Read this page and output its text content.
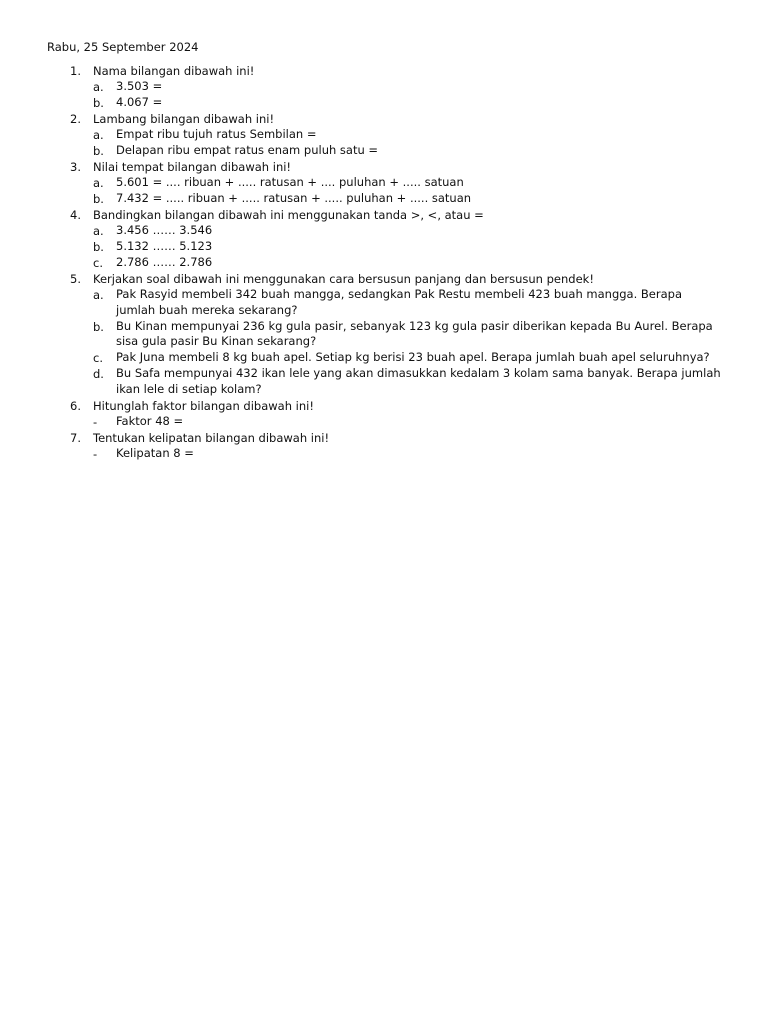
Rabu, 25 September 2024
1. Nama bilangan dibawah ini!
a. 3.503 =
b. 4.067 =
2. Lambang bilangan dibawah ini!
a. Empat ribu tujuh ratus Sembilan =
b. Delapan ribu empat ratus enam puluh satu =
3. Nilai tempat bilangan dibawah ini!
a. 5.601 = .... ribuan + ..... ratusan + .... puluhan + ..... satuan
b. 7.432 = ..... ribuan + ..... ratusan + ..... puluhan + ..... satuan
4. Bandingkan bilangan dibawah ini menggunakan tanda >, <, atau =
a. 3.456 …… 3.546
b. 5.132 …… 5.123
c. 2.786 …… 2.786
5. Kerjakan soal dibawah ini menggunakan cara bersusun panjang dan bersusun pendek!
a. Pak Rasyid membeli 342 buah mangga, sedangkan Pak Restu membeli 423 buah mangga. Berapa jumlah buah mereka sekarang?
b. Bu Kinan mempunyai 236 kg gula pasir, sebanyak 123 kg gula pasir diberikan kepada Bu Aurel. Berapa sisa gula pasir Bu Kinan sekarang?
c. Pak Juna membeli 8 kg buah apel. Setiap kg berisi 23 buah apel. Berapa jumlah buah apel seluruhnya?
d. Bu Safa mempunyai 432 ikan lele yang akan dimasukkan kedalam 3 kolam sama banyak. Berapa jumlah ikan lele di setiap kolam?
6. Hitunglah faktor bilangan dibawah ini!
- Faktor 48 =
7. Tentukan kelipatan bilangan dibawah ini!
- Kelipatan 8 =
